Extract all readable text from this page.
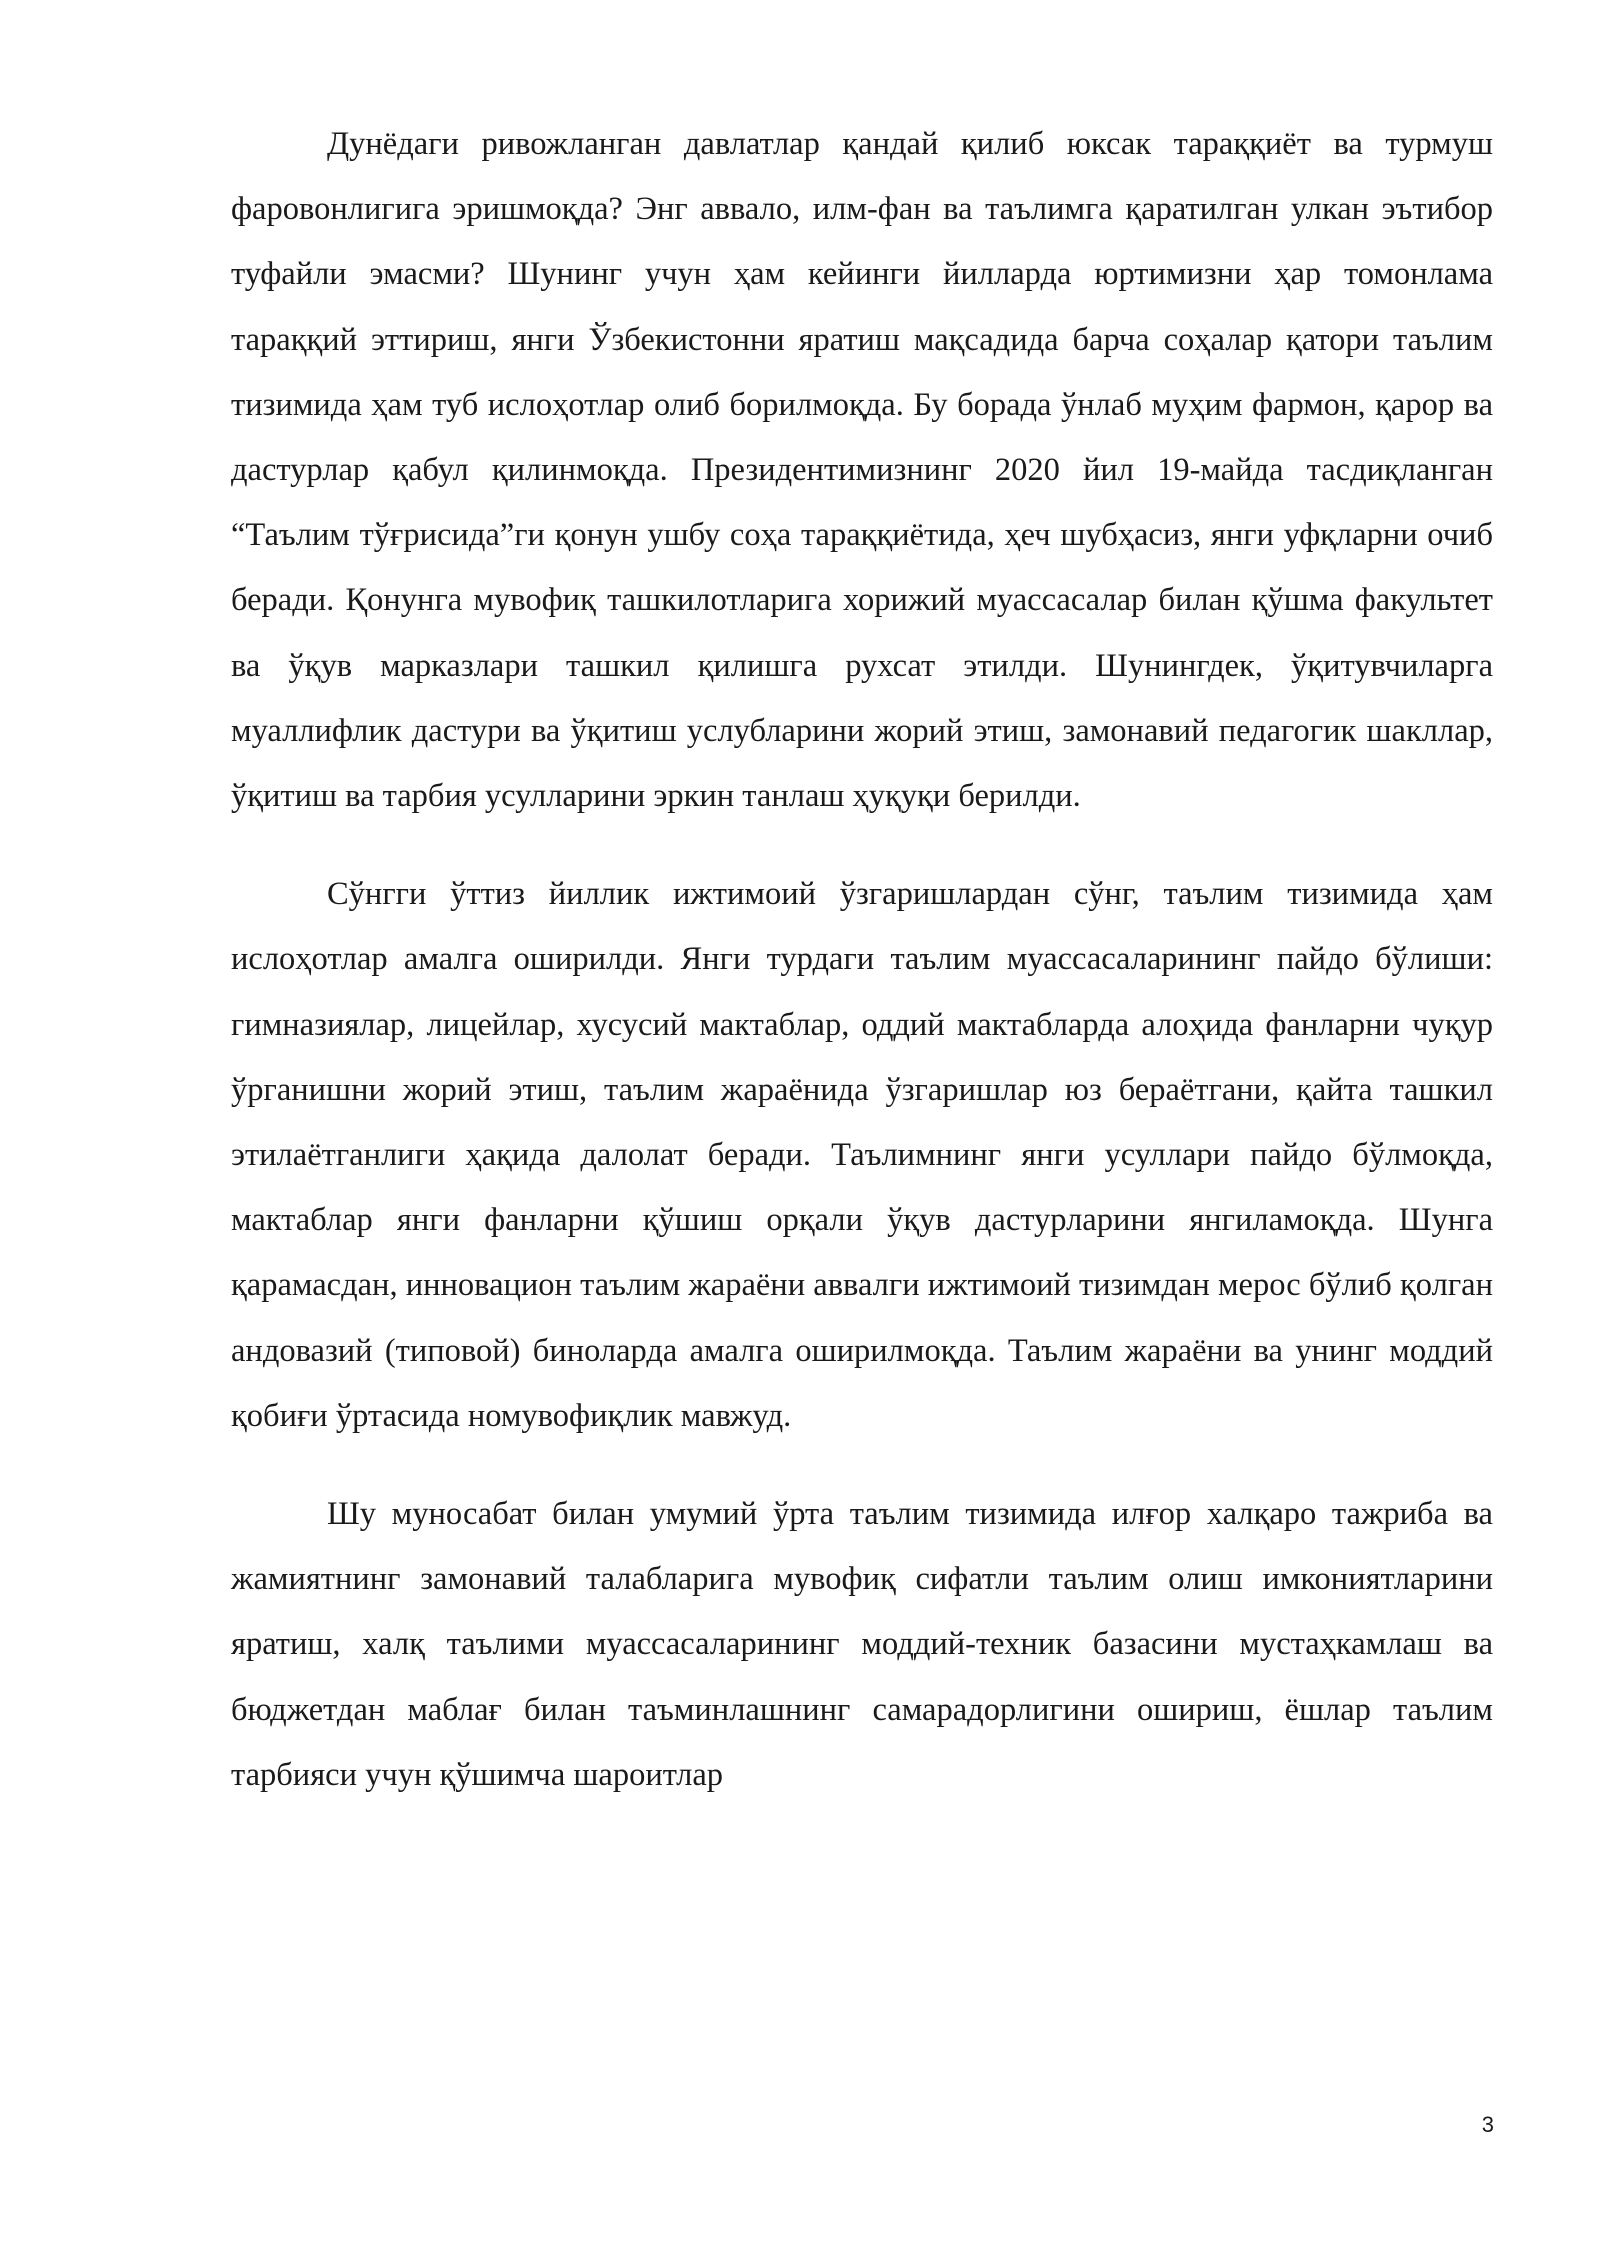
Дунёдаги ривожланган давлатлар қандай қилиб юксак тараққиёт ва турмуш фаровонлигига эришмоқда? Энг аввало, илм-фан ва таълимга қаратилган улкан эътибор туфайли эмасми? Шунинг учун ҳам кейинги йилларда юртимизни ҳар томонлама тараққий эттириш, янги Ўзбекистонни яратиш мақсадида барча соҳалар қатори таълим тизимида ҳам туб ислоҳотлар олиб борилмоқда. Бу борада ўнлаб муҳим фармон, қарор ва дастурлар қабул қилинмоқда. Президентимизнинг 2020 йил 19-майда тасдиқланган “Таълим тўғрисида”ги қонун ушбу соҳа тараққиётида, ҳеч шубҳасиз, янги уфқларни очиб беради. Қонунга мувофиқ ташкилотларига хорижий муассасалар билан қўшма факультет ва ўқув марказлари ташкил қилишга рухсат этилди. Шунингдек, ўқитувчиларга муаллифлик дастури ва ўқитиш услубларини жорий этиш, замонавий педагогик шакллар, ўқитиш ва тарбия усулларини эркин танлаш ҳуқуқи берилди.

Сўнгги ўттиз йиллик ижтимоий ўзгаришлардан сўнг, таълим тизимида ҳам ислоҳотлар амалга оширилди. Янги турдаги таълим муассасаларининг пайдо бўлиши: гимназиялар, лицейлар, хусусий мактаблар, оддий мактабларда алоҳида фанларни чуқур ўрганишни жорий этиш, таълим жараёнида ўзгаришлар юз бераётгани, қайта ташкил этилаётганлиги ҳақида далолат беради. Таълимнинг янги усуллари пайдо бўлмоқда, мактаблар янги фанларни қўшиш орқали ўқув дастурларини янгиламоқда. Шунга қарамасдан, инновацион таълим жараёни аввалги ижтимоий тизимдан мерос бўлиб қолган андовазий (типовой) биноларда амалга оширилмоқда. Таълим жараёни ва унинг моддий қобиғи ўртасида номувофиқлик мавжуд.

Шу муносабат билан умумий ўрта таълим тизимида илғор халқаро тажриба ва жамиятнинг замонавий талабларига мувофиқ сифатли таълим олиш имкониятларини яратиш, халқ таълими муассасаларининг моддий-техник базасини мустаҳкамлаш ва бюджетдан маблағ билан таъминлашнинг самарадорлигини ошириш, ёшлар таълим тарбияси учун қўшимча шароитлар

3
